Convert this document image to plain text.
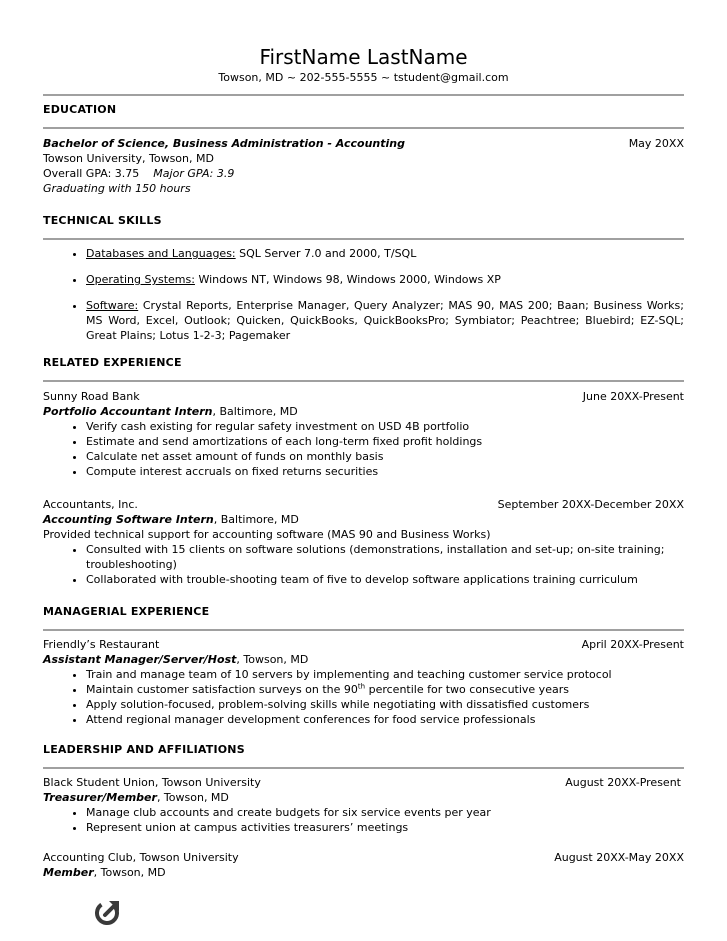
FirstName LastName
Towson, MD ~ 202-555-5555 ~ tstudent@gmail.com
EDUCATION
Bachelor of Science, Business Administration - Accounting	May 20XX
Towson University, Towson, MD
Overall GPA: 3.75 Major GPA: 3.9
Graduating with 150 hours
TECHNICAL SKILLS
• Databases and Languages: SQL Server 7.0 and 2000, T/SQL
• Operating Systems: Windows NT, Windows 98, Windows 2000, Windows XP
• Software: Crystal Reports, Enterprise Manager, Query Analyzer; MAS 90, MAS 200; Baan; Business Works; MS Word, Excel, Outlook; Quicken, QuickBooks, QuickBooksPro; Symbiator; Peachtree; Bluebird; EZ-SQL; Great Plains; Lotus 1-2-3; Pagemaker
RELATED EXPERIENCE
Sunny Road Bank	June 20XX-Present
Portfolio Accountant Intern, Baltimore, MD
• Verify cash existing for regular safety investment on USD 4B portfolio
• Estimate and send amortizations of each long-term fixed profit holdings
• Calculate net asset amount of funds on monthly basis
• Compute interest accruals on fixed returns securities
Accountants, Inc.	September 20XX-December 20XX
Accounting Software Intern, Baltimore, MD
Provided technical support for accounting software (MAS 90 and Business Works)
• Consulted with 15 clients on software solutions (demonstrations, installation and set-up; on-site training; troubleshooting)
• Collaborated with trouble-shooting team of five to develop software applications training curriculum
MANAGERIAL EXPERIENCE
Friendly’s Restaurant	April 20XX-Present
Assistant Manager/Server/Host, Towson, MD
• Train and manage team of 10 servers by implementing and teaching customer service protocol
• Maintain customer satisfaction surveys on the 90th percentile for two consecutive years
• Apply solution-focused, problem-solving skills while negotiating with dissatisfied customers
• Attend regional manager development conferences for food service professionals
LEADERSHIP AND AFFILIATIONS
Black Student Union, Towson University	August 20XX-Present
Treasurer/Member, Towson, MD
• Manage club accounts and create budgets for six service events per year
• Represent union at campus activities treasurers’ meetings
Accounting Club, Towson University	August 20XX-May 20XX
Member, Towson, MD
